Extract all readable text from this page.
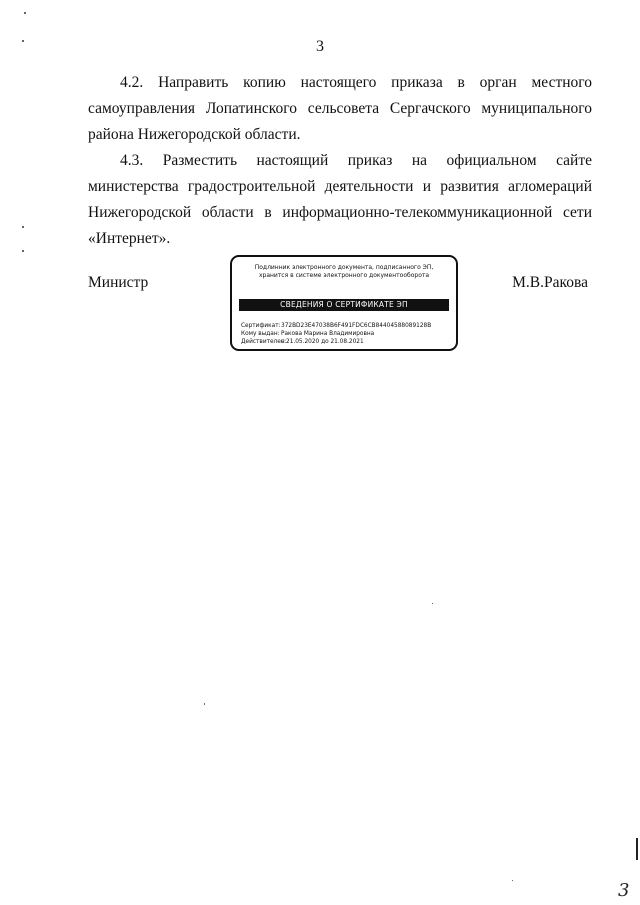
3

4.2. Направить копию настоящего приказа в орган местного самоуправления Лопатинского сельсовета Сергачского муниципального района Нижегородской области.

4.3. Разместить настоящий приказ на официальном сайте министерства градостроительной деятельности и развития агломераций Нижегородской области в информационно-телекоммуникационной сети «Интернет».

Министр	М.В.Ракова
Подлинник электронного документа, подписанного ЭП,
хранится в системе электронного документооборота
СВЕДЕНИЯ О СЕРТИФИКАТЕ ЭП
Сертификат:372BD23E47038B6F491FDC6CB84404588089128B
Кому выдан:Ракова Марина Владимировна
Действителен:с 21.05.2020 до 21.08.2021
3
